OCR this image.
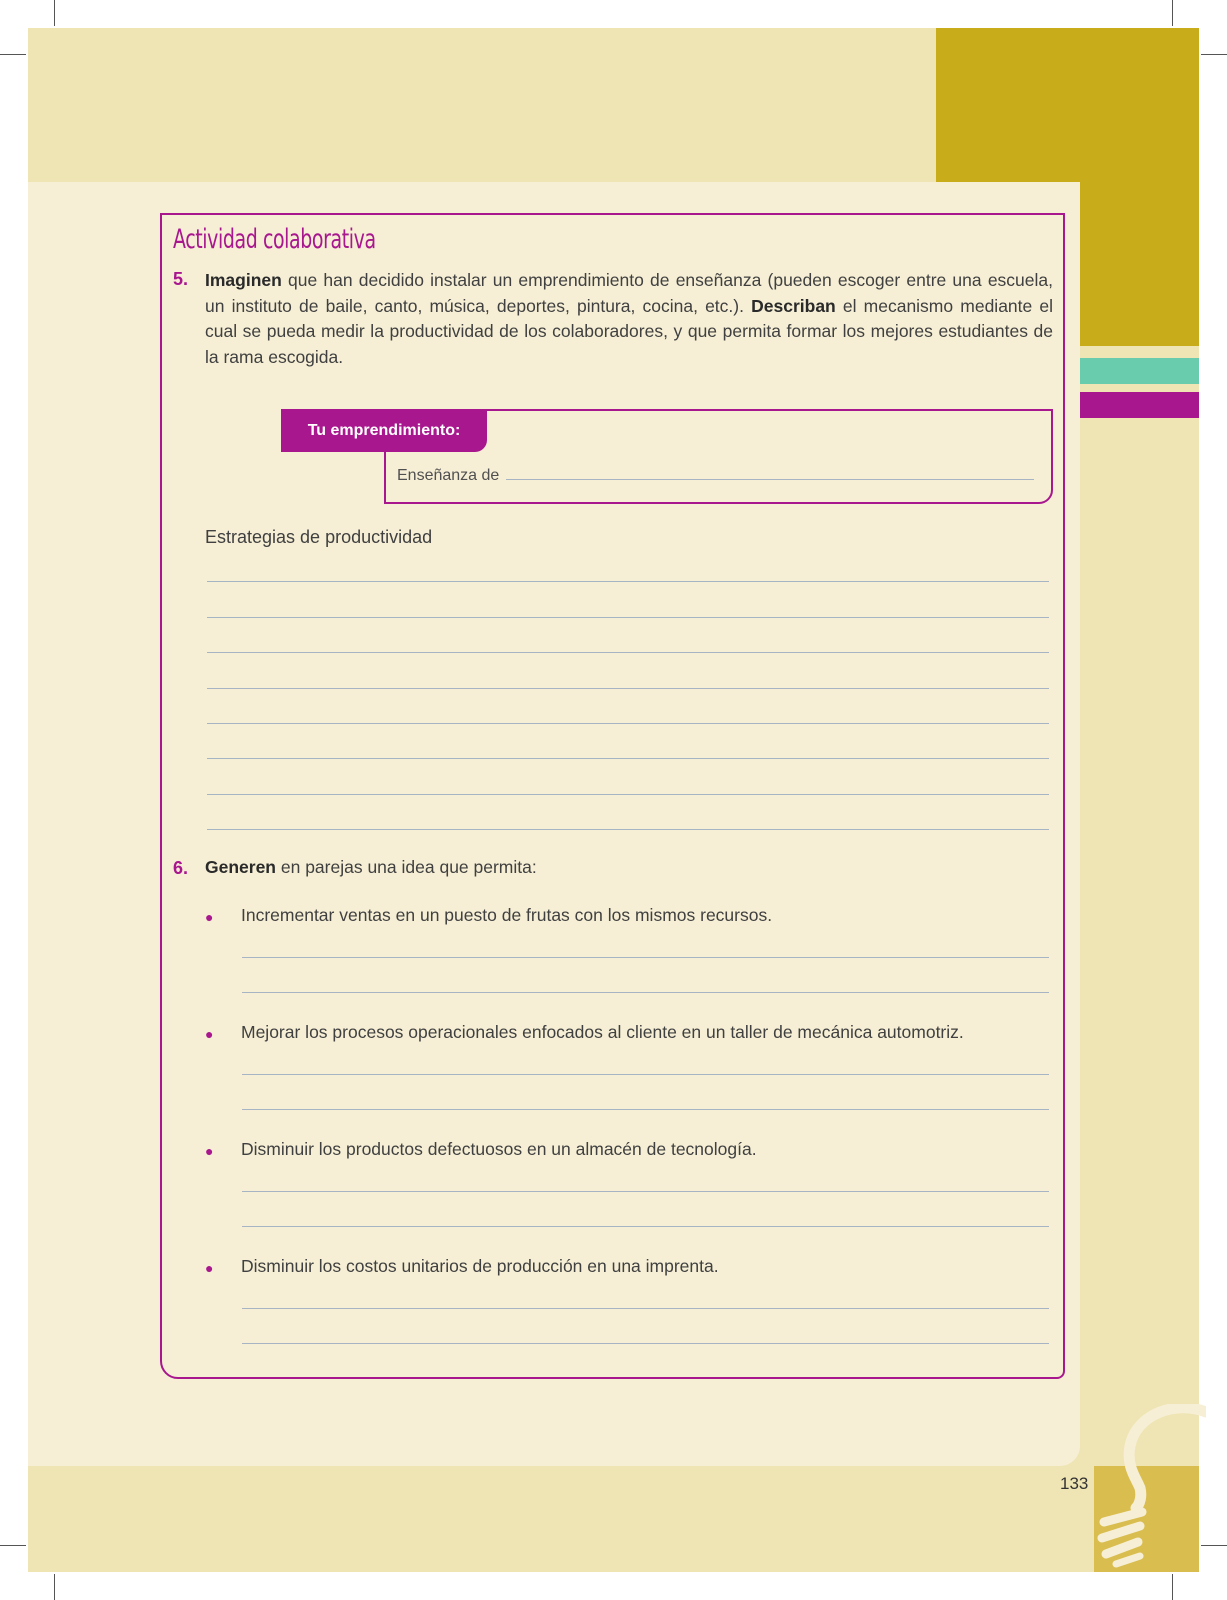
Actividad colaborativa
5. Imaginen que han decidido instalar un emprendimiento de enseñanza (pueden escoger entre una escuela, un instituto de baile, canto, música, deportes, pintura, cocina, etc.). Describan el mecanismo mediante el cual se pueda medir la productividad de los colaboradores, y que permita formar los mejores estudiantes de la rama escogida.
Tu emprendimiento:
Enseñanza de
Estrategias de productividad
6. Generen en parejas una idea que permita:
● Incrementar ventas en un puesto de frutas con los mismos recursos.
● Mejorar los procesos operacionales enfocados al cliente en un taller de mecánica automotriz.
● Disminuir los productos defectuosos en un almacén de tecnología.
● Disminuir los costos unitarios de producción en una imprenta.
133
